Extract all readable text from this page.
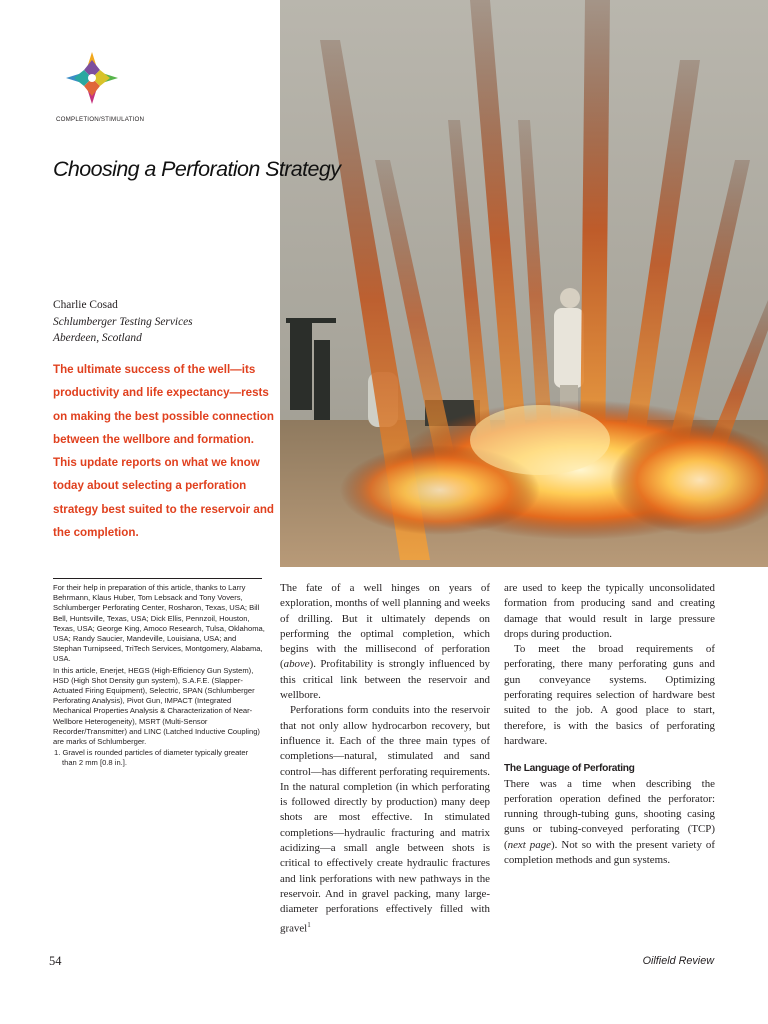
COMPLETION/STIMULATION
Choosing a Perforation Strategy
Charlie Cosad
Schlumberger Testing Services
Aberdeen, Scotland
The ultimate success of the well—its productivity and life expectancy—rests on making the best possible connection between the wellbore and formation. This update reports on what we know today about selecting a perforation strategy best suited to the reservoir and the completion.

For their help in preparation of this article, thanks to Larry Behrmann, Klaus Huber, Tom Lebsack and Tony Vovers, Schlumberger Perforating Center, Rosharon, Texas, USA; Bill Bell, Huntsville, Texas, USA; Dick Ellis, Pennzoil, Houston, Texas, USA; George King, Amoco Research, Tulsa, Oklahoma, USA; Randy Saucier, Mandeville, Louisiana, USA; and Stephan Turnipseed, TriTech Services, Montgomery, Alabama, USA.

In this article, Enerjet, HEGS (High-Efficiency Gun System), HSD (High Shot Density gun system), S.A.F.E. (Slapper-Actuated Firing Equipment), Selectric, SPAN (Schlumberger Perforating Analysis), Pivot Gun, IMPACT (Integrated Mechanical Properties Analysis & Characterization of Near-Wellbore Heterogeneity), MSRT (Multi-Sensor Recorder/Transmitter) and LINC (Latched Inductive Coupling) are marks of Schlumberger.

1. Gravel is rounded particles of diameter typically greater than 2 mm [0.8 in.].

The fate of a well hinges on years of exploration, months of well planning and weeks of drilling. But it ultimately depends on performing the optimal completion, which begins with the millisecond of perforation (above). Profitability is strongly influenced by this critical link between the reservoir and wellbore.

Perforations form conduits into the reservoir that not only allow hydrocarbon recovery, but influence it. Each of the three main types of completions—natural, stimulated and sand control—has different perforating requirements. In the natural completion (in which perforating is followed directly by production) many deep shots are most effective. In stimulated completions—hydraulic fracturing and matrix acidizing—a small angle between shots is critical to effectively create hydraulic fractures and link perforations with new pathways in the reservoir. And in gravel packing, many large-diameter perforations effectively filled with gravel$^1$

are used to keep the typically unconsolidated formation from producing sand and creating damage that would result in large pressure drops during production.

To meet the broad requirements of perforating, there many perforating guns and gun conveyance systems. Optimizing perforating requires selection of hardware best suited to the job. A good place to start, therefore, is with the basics of perforating hardware.

The Language of Perforating

There was a time when describing the perforation operation defined the perforator: running through-tubing guns, shooting casing guns or tubing-conveyed perforating (TCP) (next page). Not so with the present variety of completion methods and gun systems.

54	Oilfield Review
